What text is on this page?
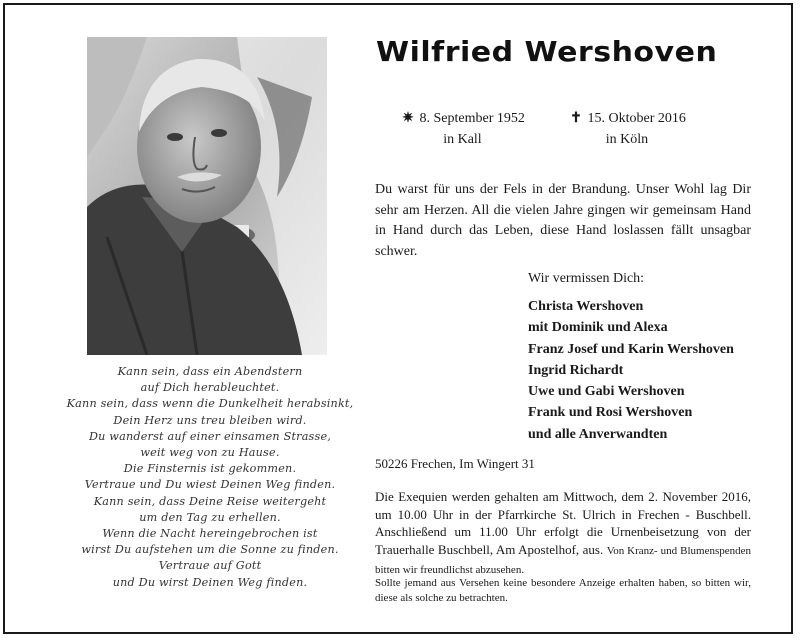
Kann sein, dass ein Abendstern
auf Dich herableuchtet.
Kann sein, dass wenn die Dunkelheit herabsinkt,
Dein Herz uns treu bleiben wird.
Du wanderst auf einer einsamen Strasse,
weit weg von zu Hause.
Die Finsternis ist gekommen.
Vertraue und Du wiest Deinen Weg finden.
Kann sein, dass Deine Reise weitergeht
um den Tag zu erhellen.
Wenn die Nacht hereingebrochen ist
wirst Du aufstehen um die Sonne zu finden.
Vertraue auf Gott
und Du wirst Deinen Weg finden.
Wilfried Wershoven
✷ 8. September 1952
in Kall
✝ 15. Oktober 2016
in Köln
Du warst für uns der Fels in der Brandung. Unser Wohl lag Dir sehr am Herzen. All die vielen Jahre gingen wir gemeinsam Hand in Hand durch das Leben, diese Hand loslassen fällt unsagbar schwer.
Wir vermissen Dich:
Christa Wershoven
mit Dominik und Alexa
Franz Josef und Karin Wershoven
Ingrid Richardt
Uwe und Gabi Wershoven
Frank und Rosi Wershoven
und alle Anverwandten
50226 Frechen, Im Wingert 31
Die Exequien werden gehalten am Mittwoch, dem 2. November 2016, um 10.00 Uhr in der Pfarrkirche St. Ulrich in Frechen - Buschbell. Anschließend um 11.00 Uhr erfolgt die Urnenbeisetzung von der Trauerhalle Buschbell, Am Apostelhof, aus. Von Kranz- und Blumenspenden bitten wir freundlichst abzusehen.
Sollte jemand aus Versehen keine besondere Anzeige erhalten haben, so bitten wir, diese als solche zu betrachten.
